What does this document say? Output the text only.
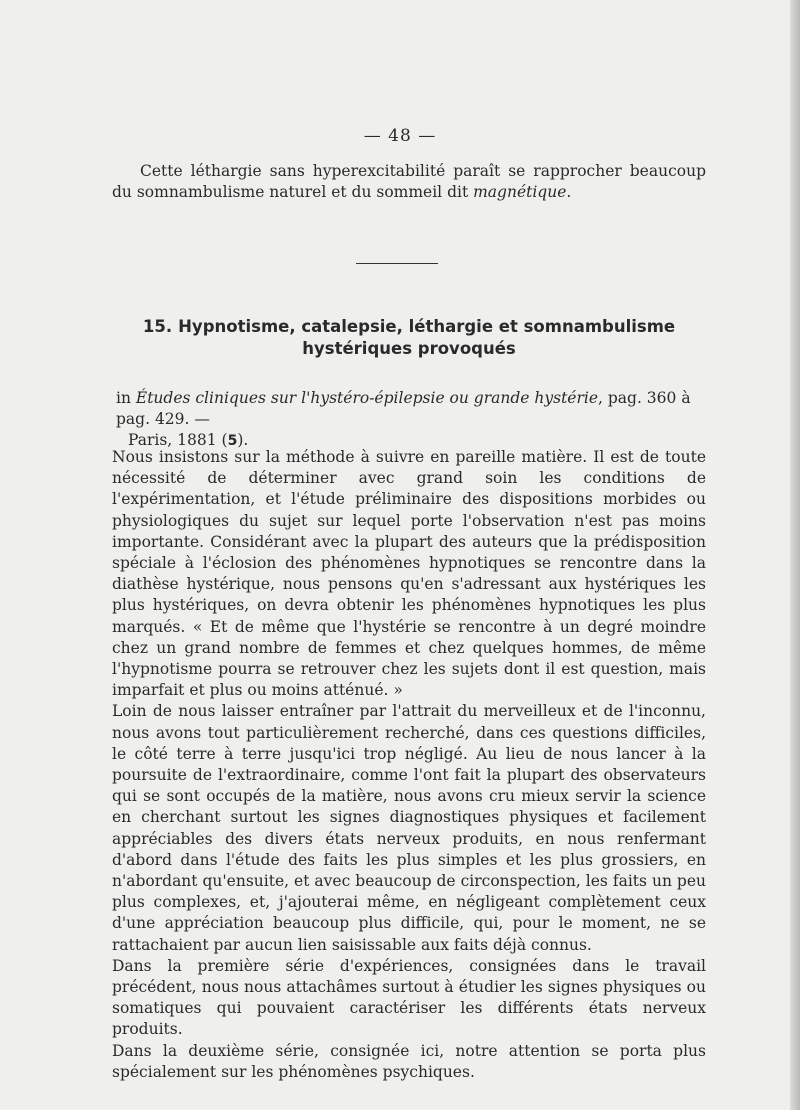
— 48 —

Cette léthargie sans hyperexcitabilité paraît se rapprocher beaucoup du somnambulisme naturel et du sommeil dit magnétique.

15. Hypnotisme, catalepsie, léthargie et somnambulisme hystériques provoqués
in Études cliniques sur l'hystéro-épilepsie ou grande hystérie, pag. 360 à pag. 429. —
Paris, 1881 (5).

Nous insistons sur la méthode à suivre en pareille matière. Il est de toute nécessité de déterminer avec grand soin les conditions de l'expérimentation, et l'étude préliminaire des dispositions morbides ou physiologiques du sujet sur lequel porte l'observation n'est pas moins importante. Considérant avec la plupart des auteurs que la prédisposition spéciale à l'éclosion des phénomènes hypnotiques se rencontre dans la diathèse hystérique, nous pensons qu'en s'adressant aux hystériques les plus hystériques, on devra obtenir les phénomènes hypnotiques les plus marqués. « Et de même que l'hystérie se rencontre à un degré moindre chez un grand nombre de femmes et chez quelques hommes, de même l'hypnotisme pourra se retrouver chez les sujets dont il est question, mais imparfait et plus ou moins atténué. »

Loin de nous laisser entraîner par l'attrait du merveilleux et de l'inconnu, nous avons tout particulièrement recherché, dans ces questions difficiles, le côté terre à terre jusqu'ici trop négligé. Au lieu de nous lancer à la poursuite de l'extraordinaire, comme l'ont fait la plupart des observateurs qui se sont occupés de la matière, nous avons cru mieux servir la science en cherchant surtout les signes diagnostiques physiques et facilement appréciables des divers états nerveux produits, en nous renfermant d'abord dans l'étude des faits les plus simples et les plus grossiers, en n'abordant qu'ensuite, et avec beaucoup de circonspection, les faits un peu plus complexes, et, j'ajouterai même, en négligeant complètement ceux d'une appréciation beaucoup plus difficile, qui, pour le moment, ne se rattachaient par aucun lien saisissable aux faits déjà connus.

Dans la première série d'expériences, consignées dans le travail précédent, nous nous attachâmes surtout à étudier les signes physiques ou somatiques qui pouvaient caractériser les différents états nerveux produits.

Dans la deuxième série, consignée ici, notre attention se porta plus spécialement sur les phénomènes psychiques.
